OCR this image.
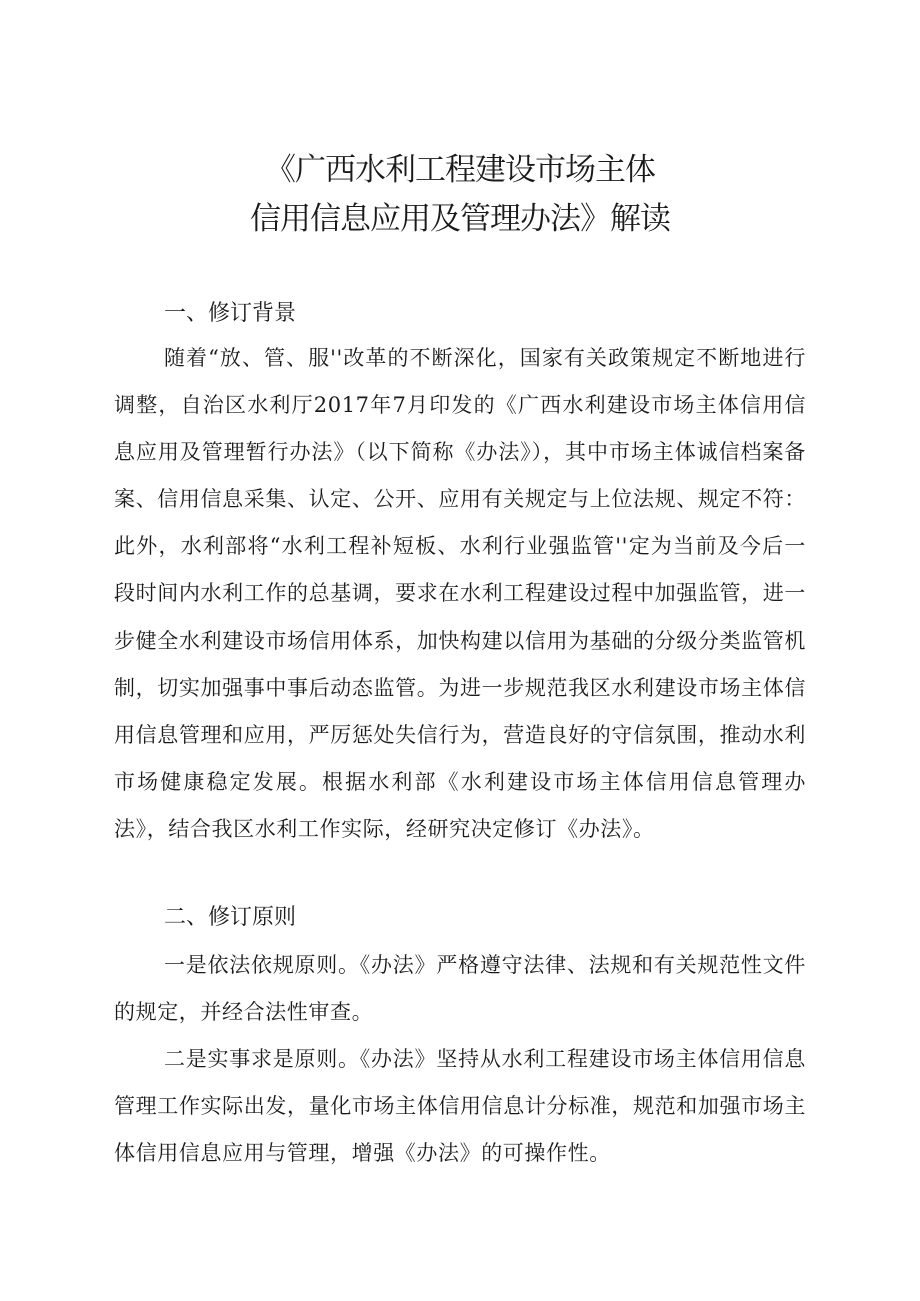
《广西水利工程建设市场主体
信用信息应用及管理办法》解读
一、修订背景
随着“放、管、服''改革的不断深化，国家有关政策规定不断地进行调整，自治区水利厅2017年7月印发的《广西水利建设市场主体信用信息应用及管理暂行办法》（以下简称《办法》），其中市场主体诚信档案备案、信用信息采集、认定、公开、应用有关规定与上位法规、规定不符：此外，水利部将“水利工程补短板、水利行业强监管''定为当前及今后一段时间内水利工作的总基调，要求在水利工程建设过程中加强监管，进一步健全水利建设市场信用体系，加快构建以信用为基础的分级分类监管机制，切实加强事中事后动态监管。为进一步规范我区水利建设市场主体信用信息管理和应用，严厉惩处失信行为，营造良好的守信氛围，推动水利市场健康稳定发展。根据水利部《水利建设市场主体信用信息管理办法》，结合我区水利工作实际，经研究决定修订《办法》。
二、修订原则
一是依法依规原则。《办法》严格遵守法律、法规和有关规范性文件的规定，并经合法性审查。
二是实事求是原则。《办法》坚持从水利工程建设市场主体信用信息管理工作实际出发，量化市场主体信用信息计分标准，规范和加强市场主体信用信息应用与管理，增强《办法》的可操作性。
